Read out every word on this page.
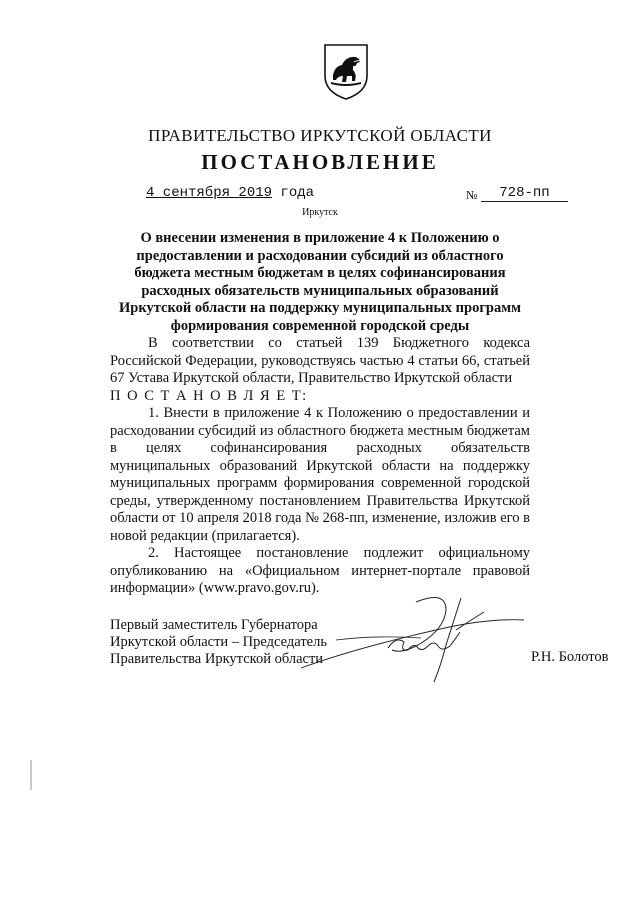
ПРАВИТЕЛЬСТВО ИРКУТСКОЙ ОБЛАСТИ
ПОСТАНОВЛЕНИЕ
4 сентября 2019 года	№	728-пп
Иркутск
О внесении изменения в приложение 4 к Положению о предоставлении и расходовании субсидий из областного бюджета местным бюджетам в целях софинансирования расходных обязательств муниципальных образований Иркутской области на поддержку муниципальных программ формирования современной городской среды

В соответствии со статьей 139 Бюджетного кодекса Российской Федерации, руководствуясь частью 4 статьи 66, статьей 67 Устава Иркутской области, Правительство Иркутской области

П О С Т А Н О В Л Я Е Т:

1. Внести в приложение 4 к Положению о предоставлении и расходовании субсидий из областного бюджета местным бюджетам в целях софинансирования расходных обязательств муниципальных образований Иркутской области на поддержку муниципальных программ формирования современной городской среды, утвержденному постановлением Правительства Иркутской области от 10 апреля 2018 года № 268-пп, изменение, изложив его в новой редакции (прилагается).

2. Настоящее постановление подлежит официальному опубликованию на «Официальном интернет-портале правовой информации» (www.pravo.gov.ru).

Первый заместитель Губернатора
Иркутской области – Председатель
Правительства Иркутской области	Р.Н. Болотов
